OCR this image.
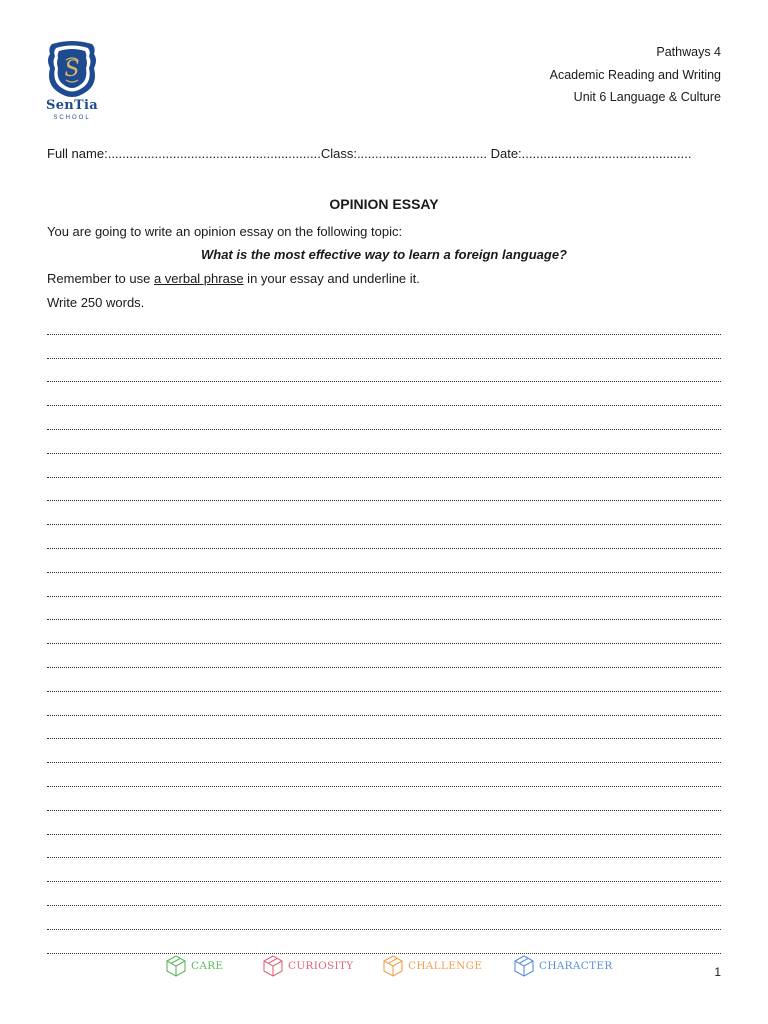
S
SenTia
SCHOOL
Pathways 4
Academic Reading and Writing
Unit 6 Language & Culture
Full name:...........................................................Class:.................................... Date:...............................................
OPINION ESSAY
You are going to write an opinion essay on the following topic:
What is the most effective way to learn a foreign language?
Remember to use a verbal phrase in your essay and underline it.
Write 250 words.
CARE	CURIOSITY	CHALLENGE	CHARACTER	1
